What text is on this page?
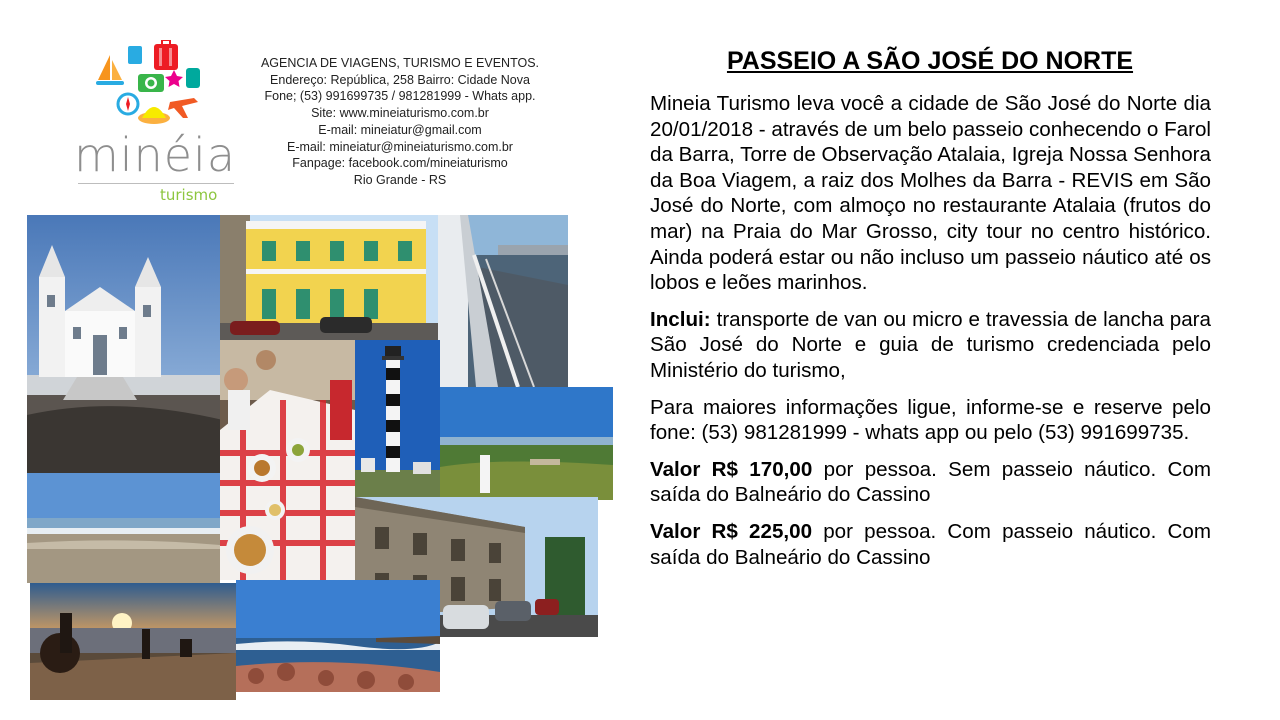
minéia
turismo
AGENCIA DE VIAGENS, TURISMO E EVENTOS.
Endereço: República, 258 Bairro: Cidade Nova
Fone; (53) 991699735 / 981281999 - Whats app.
Site: www.mineiaturismo.com.br
E-mail: mineiatur@gmail.com
E-mail: mineiatur@mineiaturismo.com.br
Fanpage: facebook.com/mineiaturismo
Rio Grande - RS
PASSEIO A SÃO JOSÉ DO NORTE

Mineia Turismo leva você a cidade de São José do Norte dia 20/01/2018 - através de um belo passeio conhecendo o Farol da Barra, Torre de Observação Atalaia, Igreja Nossa Senhora da Boa Viagem, a raiz dos Molhes da Barra - REVIS em São José do Norte, com almoço no restaurante Atalaia (frutos do mar) na Praia do Mar Grosso, city tour no centro histórico. Ainda poderá estar ou não incluso um passeio náutico até os lobos e leões marinhos.

Inclui: transporte de van ou micro e travessia de lancha para São José do Norte e guia de turismo credenciada pelo Ministério do turismo,

Para maiores informações ligue, informe-se e reserve pelo fone: (53) 981281999 - whats app ou pelo (53) 991699735.

Valor R$ 170,00 por pessoa. Sem passeio náutico. Com saída do Balneário do Cassino

Valor R$ 225,00 por pessoa. Com passeio náutico. Com saída do Balneário do Cassino
